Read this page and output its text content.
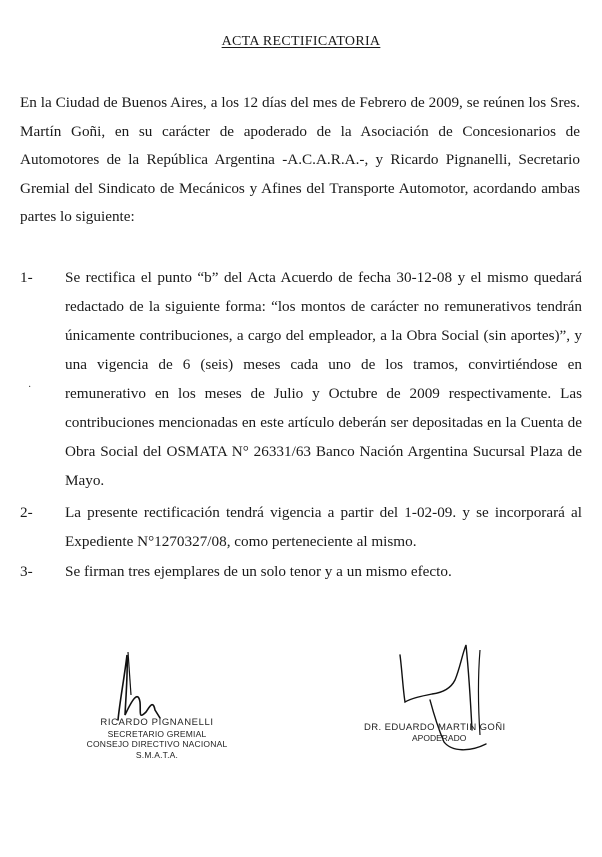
ACTA RECTIFICATORIA

En la Ciudad de Buenos Aires, a los 12 días del mes de Febrero de 2009, se reúnen los Sres. Martín Goñi, en su carácter de apoderado de la Asociación de Concesionarios de Automotores de la República Argentina -A.C.A.R.A.-, y Ricardo Pignanelli, Secretario Gremial del Sindicato de Mecánicos y Afines del Transporte Automotor, acordando ambas partes lo siguiente:

1-	Se rectifica el punto “b” del Acta Acuerdo de fecha 30-12-08 y el mismo quedará redactado de la siguiente forma: “los montos de carácter no remunerativos tendrán únicamente contribuciones, a cargo del empleador, a la Obra Social (sin aportes)”, y una vigencia de 6 (seis) meses cada uno de los tramos, convirtiéndose en remunerativo en los meses de Julio y Octubre de 2009 respectivamente. Las contribuciones mencionadas en este artículo deberán ser depositadas en la Cuenta de Obra Social del OSMATA N° 26331/63 Banco Nación Argentina Sucursal Plaza de Mayo.

2-	La presente rectificación tendrá vigencia a partir del 1-02-09. y se incorporará al Expediente N°1270327/08, como perteneciente al mismo.

3-	Se firman tres ejemplares de un solo tenor y a un mismo efecto.

·
RICARDO PIGNANELLI
SECRETARIO GREMIAL
CONSEJO DIRECTIVO NACIONAL
S.M.A.T.A.
DR. EDUARDO MARTIN GOÑI
APODERADO
